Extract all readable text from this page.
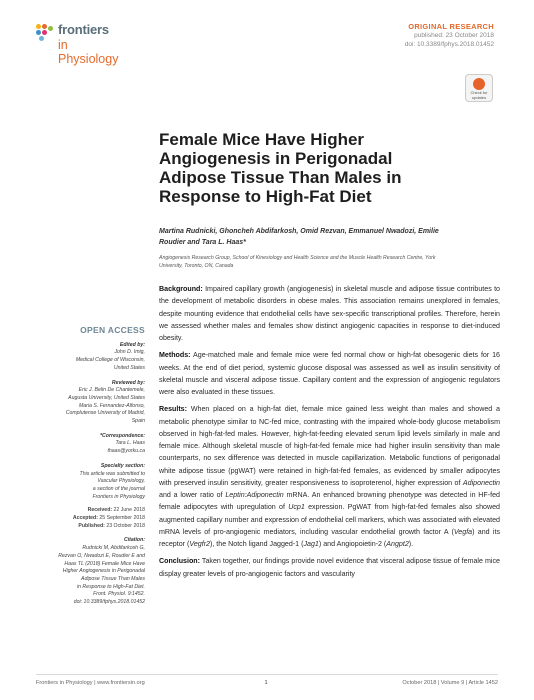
frontiers
in Physiology
ORIGINAL RESEARCH
published: 23 October 2018
doi: 10.3389/fphys.2018.01452
Check for
updates
Female Mice Have Higher Angiogenesis in Perigonadal Adipose Tissue Than Males in Response to High-Fat Diet
Martina Rudnicki, Ghoncheh Abdifarkosh, Omid Rezvan, Emmanuel Nwadozi, Emilie Roudier and Tara L. Haas*
Angiogenesis Research Group, School of Kinesiology and Health Science and the Muscle Health Research Centre, York University, Toronto, ON, Canada
OPEN ACCESS
Edited by:
John D. Imig,
Medical College of Wisconsin,
United States
Reviewed by:
Eric J. Belin De Chantemele,
Augusta University, United States
Maria S. Fernandez-Alfonso,
Complutense University of Madrid,
Spain
*Correspondence:
Tara L. Haas
thaas@yorku.ca
Specialty section:
This article was submitted to
Vascular Physiology,
a section of the journal
Frontiers in Physiology
Received: 22 June 2018
Accepted: 25 September 2018
Published: 23 October 2018
Citation:
Rudnicki M, Abdifarkosh G,
Rezvan O, Nwadozi E, Roudier E and
Haas TL (2018) Female Mice Have
Higher Angiogenesis in Perigonadal
Adipose Tissue Than Males
in Response to High-Fat Diet.
Front. Physiol. 9:1452.
doi: 10.3389/fphys.2018.01452

Background: Impaired capillary growth (angiogenesis) in skeletal muscle and adipose tissue contributes to the development of metabolic disorders in obese males. This association remains unexplored in females, despite mounting evidence that endothelial cells have sex-specific transcriptional profiles. Therefore, herein we assessed whether males and females show distinct angiogenic capacities in response to diet-induced obesity.

Methods: Age-matched male and female mice were fed normal chow or high-fat obesogenic diets for 16 weeks. At the end of diet period, systemic glucose disposal was assessed as well as insulin sensitivity of skeletal muscle and visceral adipose tissue. Capillary content and the expression of angiogenic regulators were also evaluated in these tissues.

Results: When placed on a high-fat diet, female mice gained less weight than males and showed a metabolic phenotype similar to NC-fed mice, contrasting with the impaired whole-body glucose metabolism observed in high-fat-fed males. However, high-fat-feeding elevated serum lipid levels similarly in male and female mice. Although skeletal muscle of high-fat-fed female mice had higher insulin sensitivity than male counterparts, no sex difference was detected in muscle capillarization. Metabolic functions of perigonadal white adipose tissue (pgWAT) were retained in high-fat-fed females, as evidenced by smaller adipocytes with preserved insulin sensitivity, greater responsiveness to isoproterenol, higher expression of Adiponectin and a lower ratio of Leptin:Adiponectin mRNA. An enhanced browning phenotype was detected in HF-fed female adipocytes with upregulation of Ucp1 expression. PgWAT from high-fat-fed females also showed augmented capillary number and expression of endothelial cell markers, which was associated with elevated mRNA levels of pro-angiogenic mediators, including vascular endothelial growth factor A (Vegfa) and its receptor (Vegfr2), the Notch ligand Jagged-1 (Jag1) and Angiopoietin-2 (Angpt2).

Conclusion: Taken together, our findings provide novel evidence that visceral adipose tissue of female mice display greater levels of pro-angiogenic factors and vascularity

Frontiers in Physiology | www.frontiersin.org	1	October 2018 | Volume 9 | Article 1452
